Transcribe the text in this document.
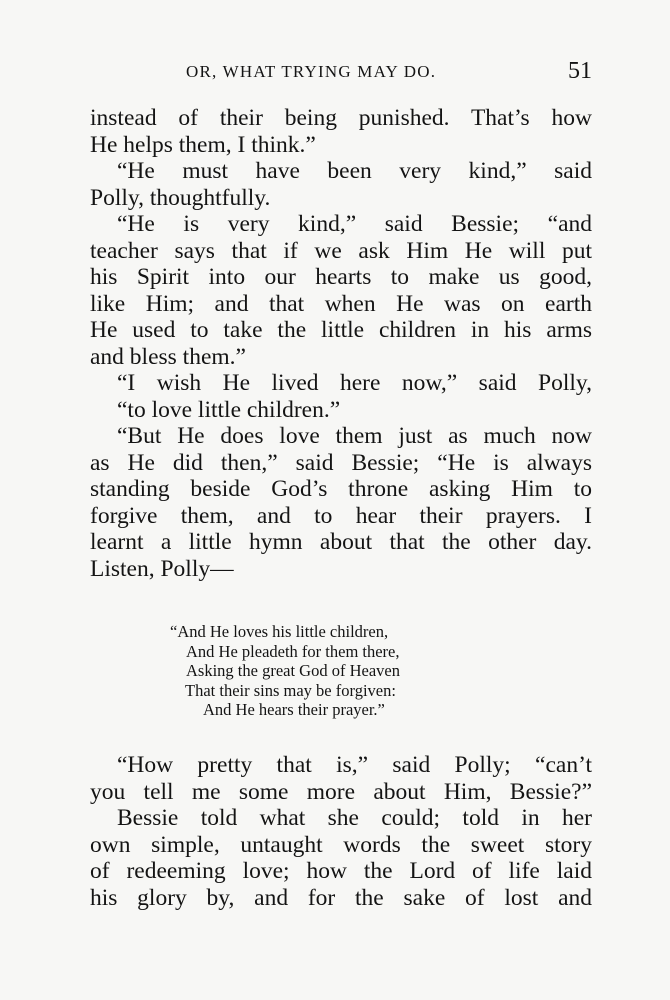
OR, WHAT TRYING MAY DO.	51
instead of their being punished. That’s how
He helps them, I think.”
“He must have been very kind,” said
Polly, thoughtfully.
“He is very kind,” said Bessie; “and
teacher says that if we ask Him He will put
his Spirit into our hearts to make us good,
like Him; and that when He was on earth
He used to take the little children in his arms
and bless them.”
“I wish He lived here now,” said Polly,
“to love little children.”
“But He does love them just as much now
as He did then,” said Bessie; “He is always
standing beside God’s throne asking Him to
forgive them, and to hear their prayers. I
learnt a little hymn about that the other day.
Listen, Polly—
“And He loves his little children,
And He pleadeth for them there,
Asking the great God of Heaven
That their sins may be forgiven:
And He hears their prayer.”
“How pretty that is,” said Polly; “can’t
you tell me some more about Him, Bessie?”
Bessie told what she could; told in her
own simple, untaught words the sweet story
of redeeming love; how the Lord of life laid
his glory by, and for the sake of lost and
